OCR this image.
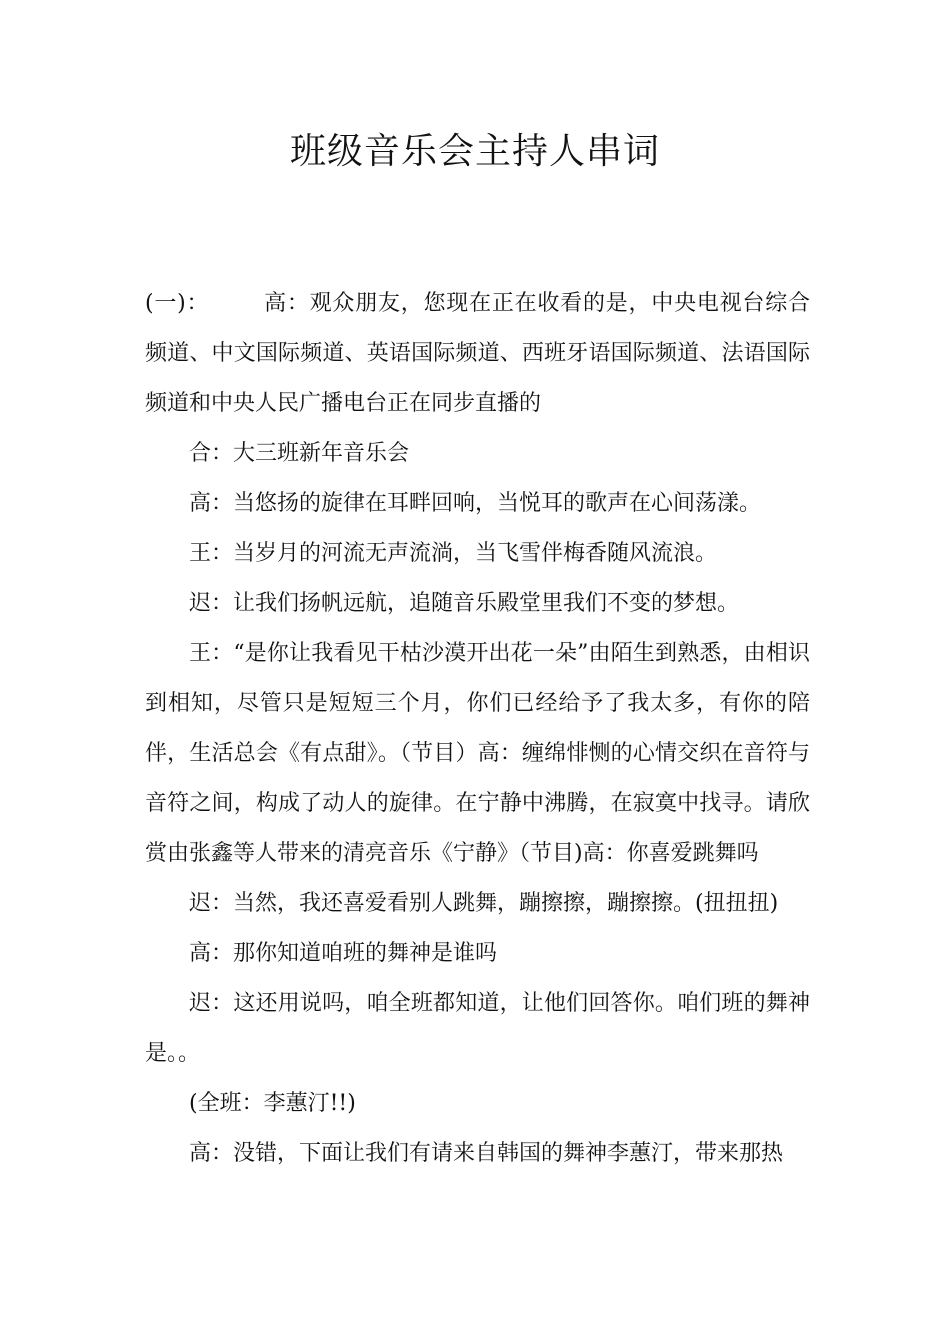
班级音乐会主持人串词

(一)： 高：观众朋友，您现在正在收看的是，中央电视台综合频道、中文国际频道、英语国际频道、西班牙语国际频道、法语国际频道和中央人民广播电台正在同步直播的

合：大三班新年音乐会

高：当悠扬的旋律在耳畔回响，当悦耳的歌声在心间荡漾。

王：当岁月的河流无声流淌，当飞雪伴梅香随风流浪。

迟：让我们扬帆远航，追随音乐殿堂里我们不变的梦想。

王：“是你让我看见干枯沙漠开出花一朵”由陌生到熟悉，由相识到相知，尽管只是短短三个月，你们已经给予了我太多，有你的陪伴，生活总会《有点甜》。（节目）高：缠绵悱恻的心情交织在音符与音符之间，构成了动人的旋律。在宁静中沸腾，在寂寞中找寻。请欣赏由张鑫等人带来的清亮音乐《宁静》（节目)高：你喜爱跳舞吗

迟：当然，我还喜爱看别人跳舞，蹦擦擦，蹦擦擦。(扭扭扭)

高：那你知道咱班的舞神是谁吗

迟：这还用说吗，咱全班都知道，让他们回答你。咱们班的舞神是。。

(全班：李蕙汀!!)

高：没错，下面让我们有请来自韩国的舞神李蕙汀，带来那热
